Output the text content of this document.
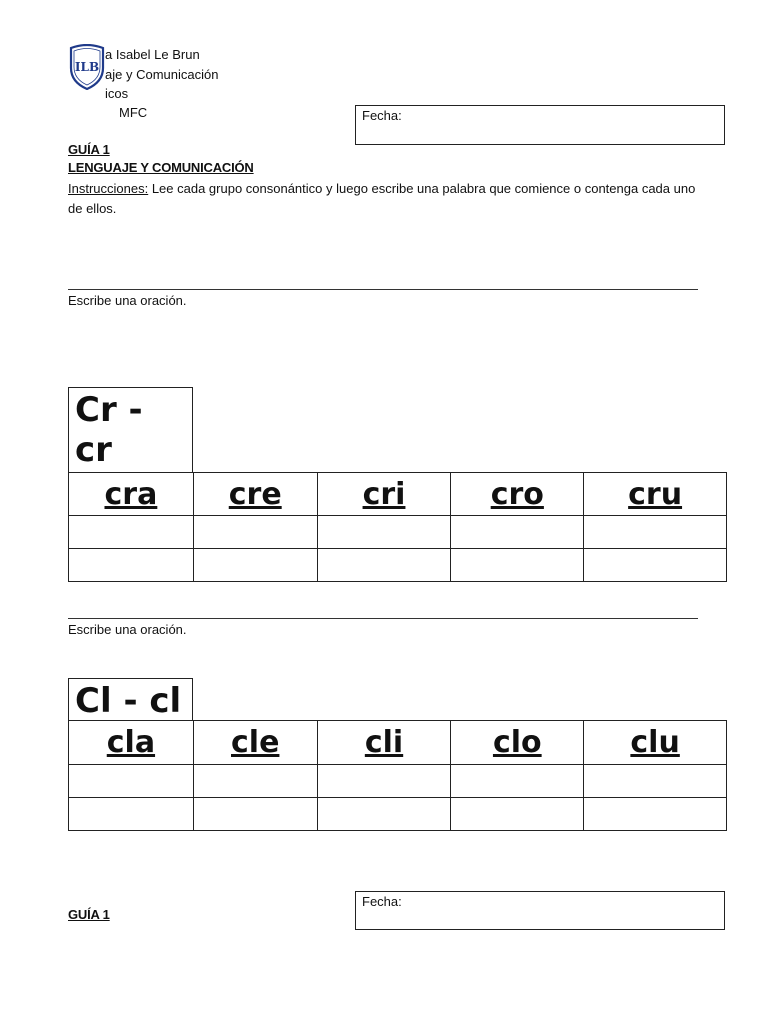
ILB
a Isabel Le Brun
aje y Comunicación
icos
MFC	Fecha:
GUÍA 1
LENGUAJE Y COMUNICACIÓN
Instrucciones: Lee cada grupo consonántico y luego escribe una palabra que comience o contenga cada uno de ellos.
Escribe una oración.
Cr - cr
cra	cre	cri	cro	cru

Escribe una oración.
Cl - cl
cla	cle	cli	clo	clu

Fecha:
GUÍA 1
